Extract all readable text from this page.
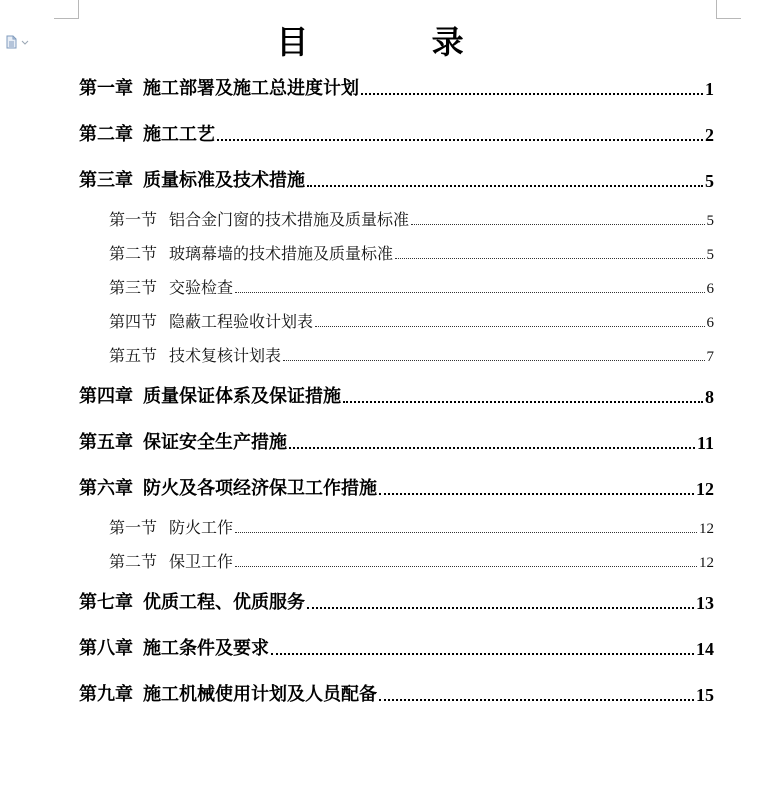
目 录
第一章 施工部署及施工总进度计划	1
第二章 施工工艺	2
第三章 质量标准及技术措施	5
第一节 铝合金门窗的技术措施及质量标准	5
第二节 玻璃幕墙的技术措施及质量标准	5
第三节 交验检查	6
第四节 隐蔽工程验收计划表	6
第五节 技术复核计划表	7
第四章 质量保证体系及保证措施	8
第五章 保证安全生产措施	11
第六章 防火及各项经济保卫工作措施	12
第一节 防火工作	12
第二节 保卫工作	12
第七章 优质工程、优质服务	13
第八章 施工条件及要求	14
第九章 施工机械使用计划及人员配备	15
